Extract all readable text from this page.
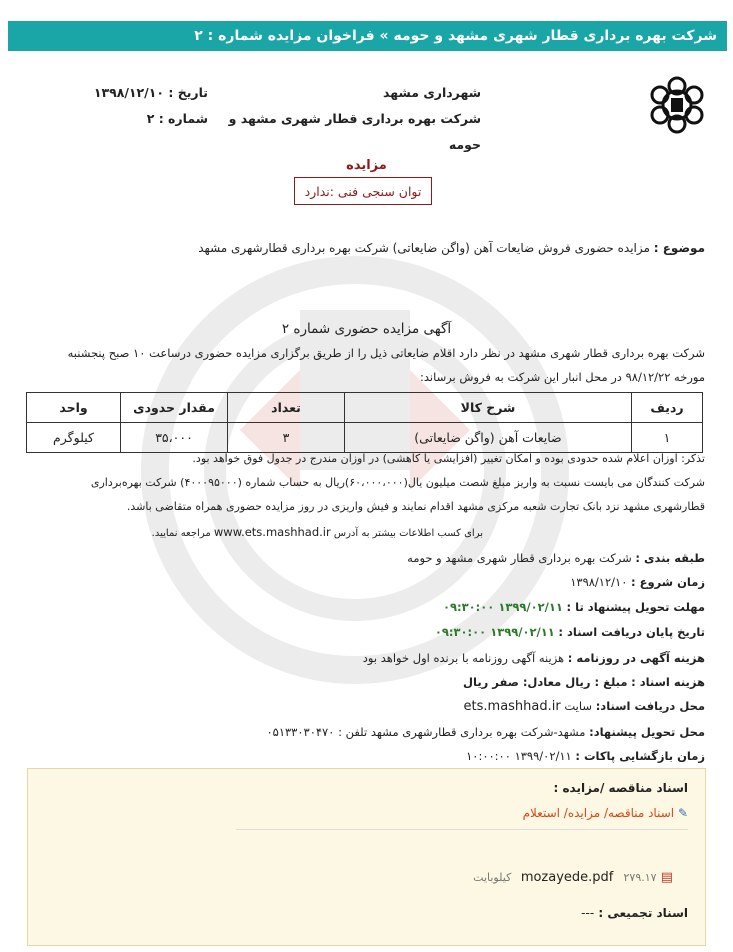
شرکت بهره برداری قطار شهری مشهد و حومه » فراخوان مزایده شماره : ۲
شهرداری مشهد
شرکت بهره برداری قطار شهری مشهد و حومه
تاریخ : ۱۳۹۸/۱۲/۱۰
شماره : ۲
مزایده
توان سنجی فنی :ندارد
موضوع : مزایده حضوری فروش ضایعات آهن (واگن ضایعاتی) شرکت بهره برداری قطارشهری مشهد
آگهی مزایده حضوری شماره ۲
شرکت بهره برداری قطار شهری مشهد در نظر دارد اقلام ضایعاتی ذیل را از طریق برگزاری مزایده حضوری درساعت ۱۰ صبح پنجشنبه
مورخه ۹۸/۱۲/۲۲ در محل انبار این شرکت به فروش برساند:
ردیف	شرح کالا	تعداد	مقدار حدودی	واحد
۱	ضایعات آهن (واگن ضایعاتی)	۳	۳۵،۰۰۰	کیلوگرم
تذکر: اوزان اعلام شده حدودی بوده و امکان تغییر (افزایشی یا کاهشی) در اوزان مندرج در جدول فوق خواهد بود.
شرکت کنندگان می بایست نسبت به واریز مبلغ شصت میلیون یال(۶۰،۰۰۰،۰۰۰)ریال به حساب شماره (۴۰۰۰۹۵۰۰۰) شرکت بهره‌برداری
قطارشهری مشهد نزد بانک تجارت شعبه مرکزی مشهد اقدام نمایند و فیش واریزی در روز مزایده حضوری همراه متقاضی باشد.
برای کسب اطلاعات بیشتر به آدرس www.ets.mashhad.ir مراجعه نمایید.
طبقه بندی : شرکت بهره برداری قطار شهری مشهد و حومه
زمان شروع : ۱۳۹۸/۱۲/۱۰
مهلت تحویل پیشنهاد تا : ۱۳۹۹/۰۲/۱۱ ۰۹:۳۰:۰۰
تاریخ پایان دریافت اسناد : ۱۳۹۹/۰۲/۱۱ ۰۹:۳۰:۰۰
هزینه آگهی در روزنامه : هزینه آگهی روزنامه با برنده اول خواهد بود
هزینه اسناد : مبلغ : ریال معادل: صفر ریال
محل دریافت اسناد: سایت ets.mashhad.ir
محل تحویل پیشنهاد: مشهد-شرکت بهره برداری قطارشهری مشهد تلفن : ۰۵۱۳۳۰۳۰۴۷۰
زمان بازگشایی پاکات : ۱۳۹۹/۰۲/۱۱ ۱۰:۰۰:۰۰
اسناد مناقصه /مزایده :
✎ اسناد مناقصه/ مزایده/ استعلام
▤ mozayede.pdf ۲۷۹.۱۷ کیلوبایت
اسناد تجمیعی : ---
